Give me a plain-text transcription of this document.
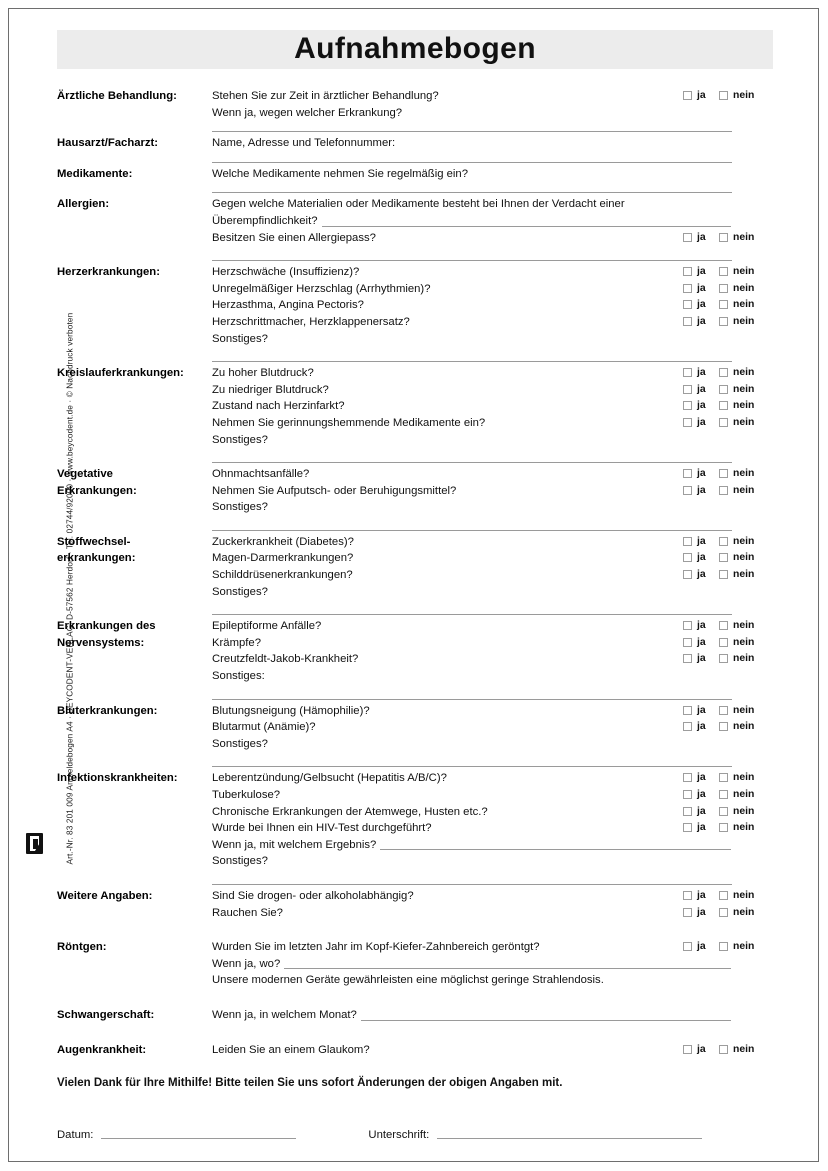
Art.-Nr. 83 201 009 Anmeldebogen A4 · BEYCODENT-VERLAG, D-57562 Herdorf · Tel. 02744/92000 · www.beycodent.de · © Nachdruck verboten
Aufnahmebogen
Ärztliche Behandlung:	Stehen Sie zur Zeit in ärztlicher Behandlung?	ja	nein
Wenn ja, wegen welcher Erkrankung?
Hausarzt/Facharzt:	Name, Adresse und Telefonnummer:
Medikamente:	Welche Medikamente nehmen Sie regelmäßig ein?
Allergien:	Gegen welche Materialien oder Medikamente besteht bei Ihnen der Verdacht einer
Überempfindlichkeit?
Besitzen Sie einen Allergiepass?	ja	nein
Herzerkrankungen:	Herzschwäche (Insuffizienz)?	ja	nein
Unregelmäßiger Herzschlag (Arrhythmien)?	ja	nein
Herzasthma, Angina Pectoris?	ja	nein
Herzschrittmacher, Herzklappenersatz?	ja	nein
Sonstiges?
Kreislauferkrankungen:	Zu hoher Blutdruck?	ja	nein
Zu niedriger Blutdruck?	ja	nein
Zustand nach Herzinfarkt?	ja	nein
Nehmen Sie gerinnungshemmende Medikamente ein?	ja	nein
Sonstiges?
Vegetative
Erkrankungen:
Ohnmachtsanfälle?	ja	nein
Nehmen Sie Aufputsch- oder Beruhigungsmittel?	ja	nein
Sonstiges?
Stoffwechsel-
erkrankungen:
Zuckerkrankheit (Diabetes)?	ja	nein
Magen-Darmerkrankungen?	ja	nein
Schilddrüsenerkrankungen?	ja	nein
Sonstiges?
Erkrankungen des
Nervensystems:
Epileptiforme Anfälle?	ja	nein
Krämpfe?	ja	nein
Creutzfeldt-Jakob-Krankheit?	ja	nein
Sonstiges:
Bluterkrankungen:	Blutungsneigung (Hämophilie)?	ja	nein
Blutarmut (Anämie)?	ja	nein
Sonstiges?
Infektionskrankheiten:	Leberentzündung/Gelbsucht (Hepatitis A/B/C)?	ja	nein
Tuberkulose?	ja	nein
Chronische Erkrankungen der Atemwege, Husten etc.?	ja	nein
Wurde bei Ihnen ein HIV-Test durchgeführt?	ja	nein
Wenn ja, mit welchem Ergebnis?
Sonstiges?
Weitere Angaben:	Sind Sie drogen- oder alkoholabhängig?	ja	nein
Rauchen Sie?	ja	nein
Röntgen:	Wurden Sie im letzten Jahr im Kopf-Kiefer-Zahnbereich geröntgt?	ja	nein
Wenn ja, wo?
Unsere modernen Geräte gewährleisten eine möglichst geringe Strahlendosis.
Schwangerschaft:	Wenn ja, in welchem Monat?
Augenkrankheit:	Leiden Sie an einem Glaukom?	ja	nein
Vielen Dank für Ihre Mithilfe! Bitte teilen Sie uns sofort Änderungen der obigen Angaben mit.
Datum:	Unterschrift:
